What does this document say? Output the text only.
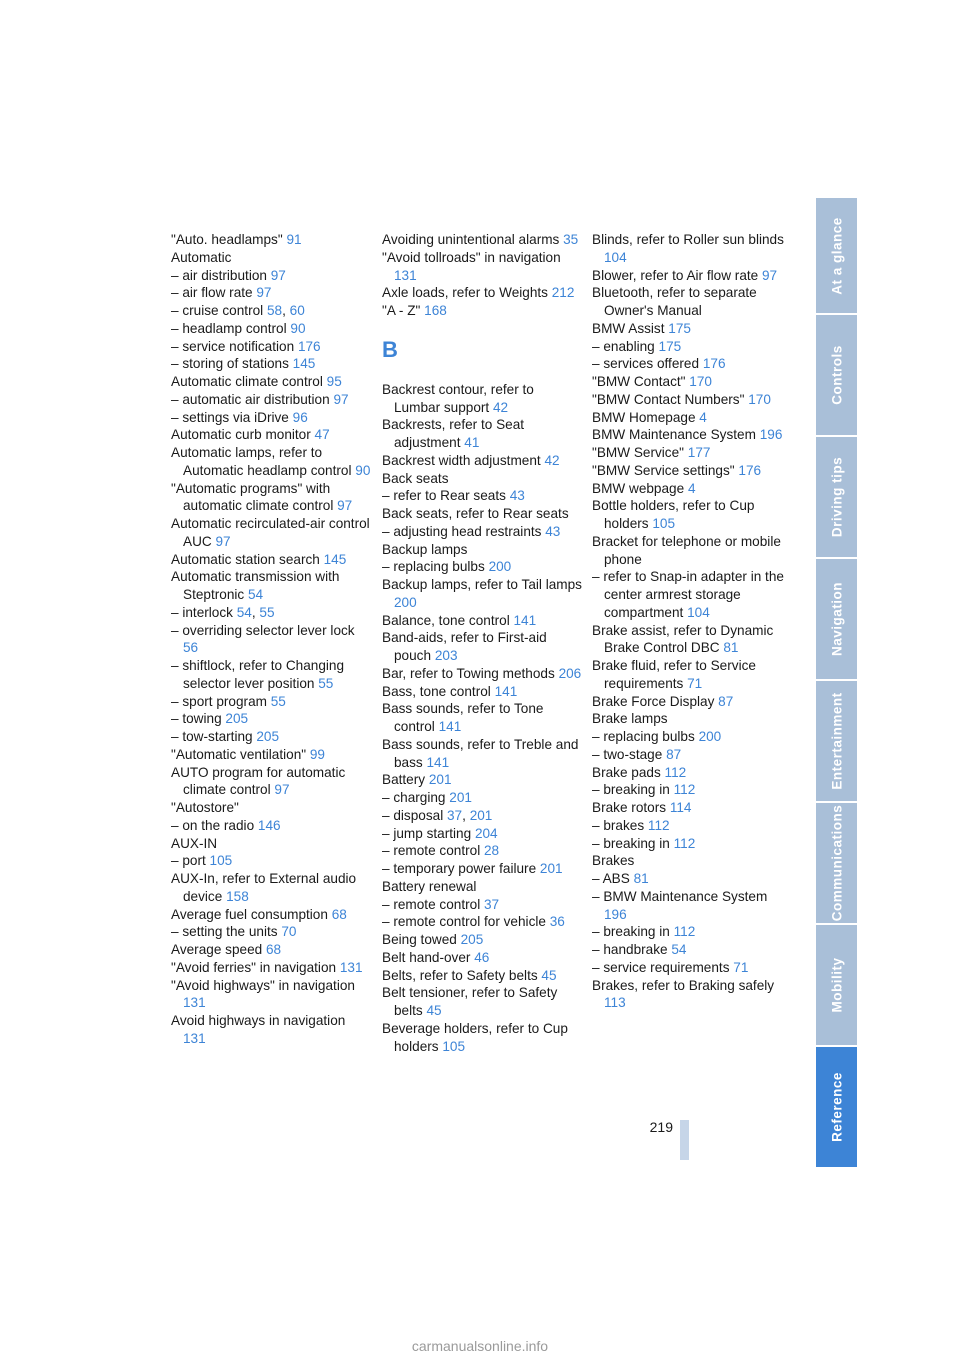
"Auto. headlamps" 91
Automatic
– air distribution 97
– air flow rate 97
– cruise control 58, 60
– headlamp control 90
– service notification 176
– storing of stations 145
Automatic climate control 95
– automatic air distribution 97
– settings via iDrive 96
Automatic curb monitor 47
Automatic lamps, refer to Automatic headlamp control 90
"Automatic programs" with automatic climate control 97
Automatic recirculated-air control AUC 97
Automatic station search 145
Automatic transmission with Steptronic 54
– interlock 54, 55
– overriding selector lever lock 56
– shiftlock, refer to Changing selector lever position 55
– sport program 55
– towing 205
– tow-starting 205
"Automatic ventilation" 99
AUTO program for automatic climate control 97
"Autostore"
– on the radio 146
AUX-IN
– port 105
AUX-In, refer to External audio device 158
Average fuel consumption 68
– setting the units 70
Average speed 68
"Avoid ferries" in navigation 131
"Avoid highways" in navigation 131
Avoid highways in navigation 131
Avoiding unintentional alarms 35
"Avoid tollroads" in navigation 131
Axle loads, refer to Weights 212
"A - Z" 168
B
Backrest contour, refer to Lumbar support 42
Backrests, refer to Seat adjustment 41
Backrest width adjustment 42
Back seats
– refer to Rear seats 43
Back seats, refer to Rear seats
– adjusting head restraints 43
Backup lamps
– replacing bulbs 200
Backup lamps, refer to Tail lamps 200
Balance, tone control 141
Band-aids, refer to First-aid pouch 203
Bar, refer to Towing methods 206
Bass, tone control 141
Bass sounds, refer to Tone control 141
Bass sounds, refer to Treble and bass 141
Battery 201
– charging 201
– disposal 37, 201
– jump starting 204
– remote control 28
– temporary power failure 201
Battery renewal
– remote control 37
– remote control for vehicle 36
Being towed 205
Belt hand-over 46
Belts, refer to Safety belts 45
Belt tensioner, refer to Safety belts 45
Beverage holders, refer to Cup holders 105
Blinds, refer to Roller sun blinds 104
Blower, refer to Air flow rate 97
Bluetooth, refer to separate Owner's Manual
BMW Assist 175
– enabling 175
– services offered 176
"BMW Contact" 170
"BMW Contact Numbers" 170
BMW Homepage 4
BMW Maintenance System 196
"BMW Service" 177
"BMW Service settings" 176
BMW webpage 4
Bottle holders, refer to Cup holders 105
Bracket for telephone or mobile phone
– refer to Snap-in adapter in the center armrest storage compartment 104
Brake assist, refer to Dynamic Brake Control DBC 81
Brake fluid, refer to Service requirements 71
Brake Force Display 87
Brake lamps
– replacing bulbs 200
– two-stage 87
Brake pads 112
– breaking in 112
Brake rotors 114
– brakes 112
– breaking in 112
Brakes
– ABS 81
– BMW Maintenance System 196
– breaking in 112
– handbrake 54
– service requirements 71
Brakes, refer to Braking safely 113
At a glance
Controls
Driving tips
Navigation
Entertainment
Communications
Mobility
Reference
219
carmanualsonline.info
